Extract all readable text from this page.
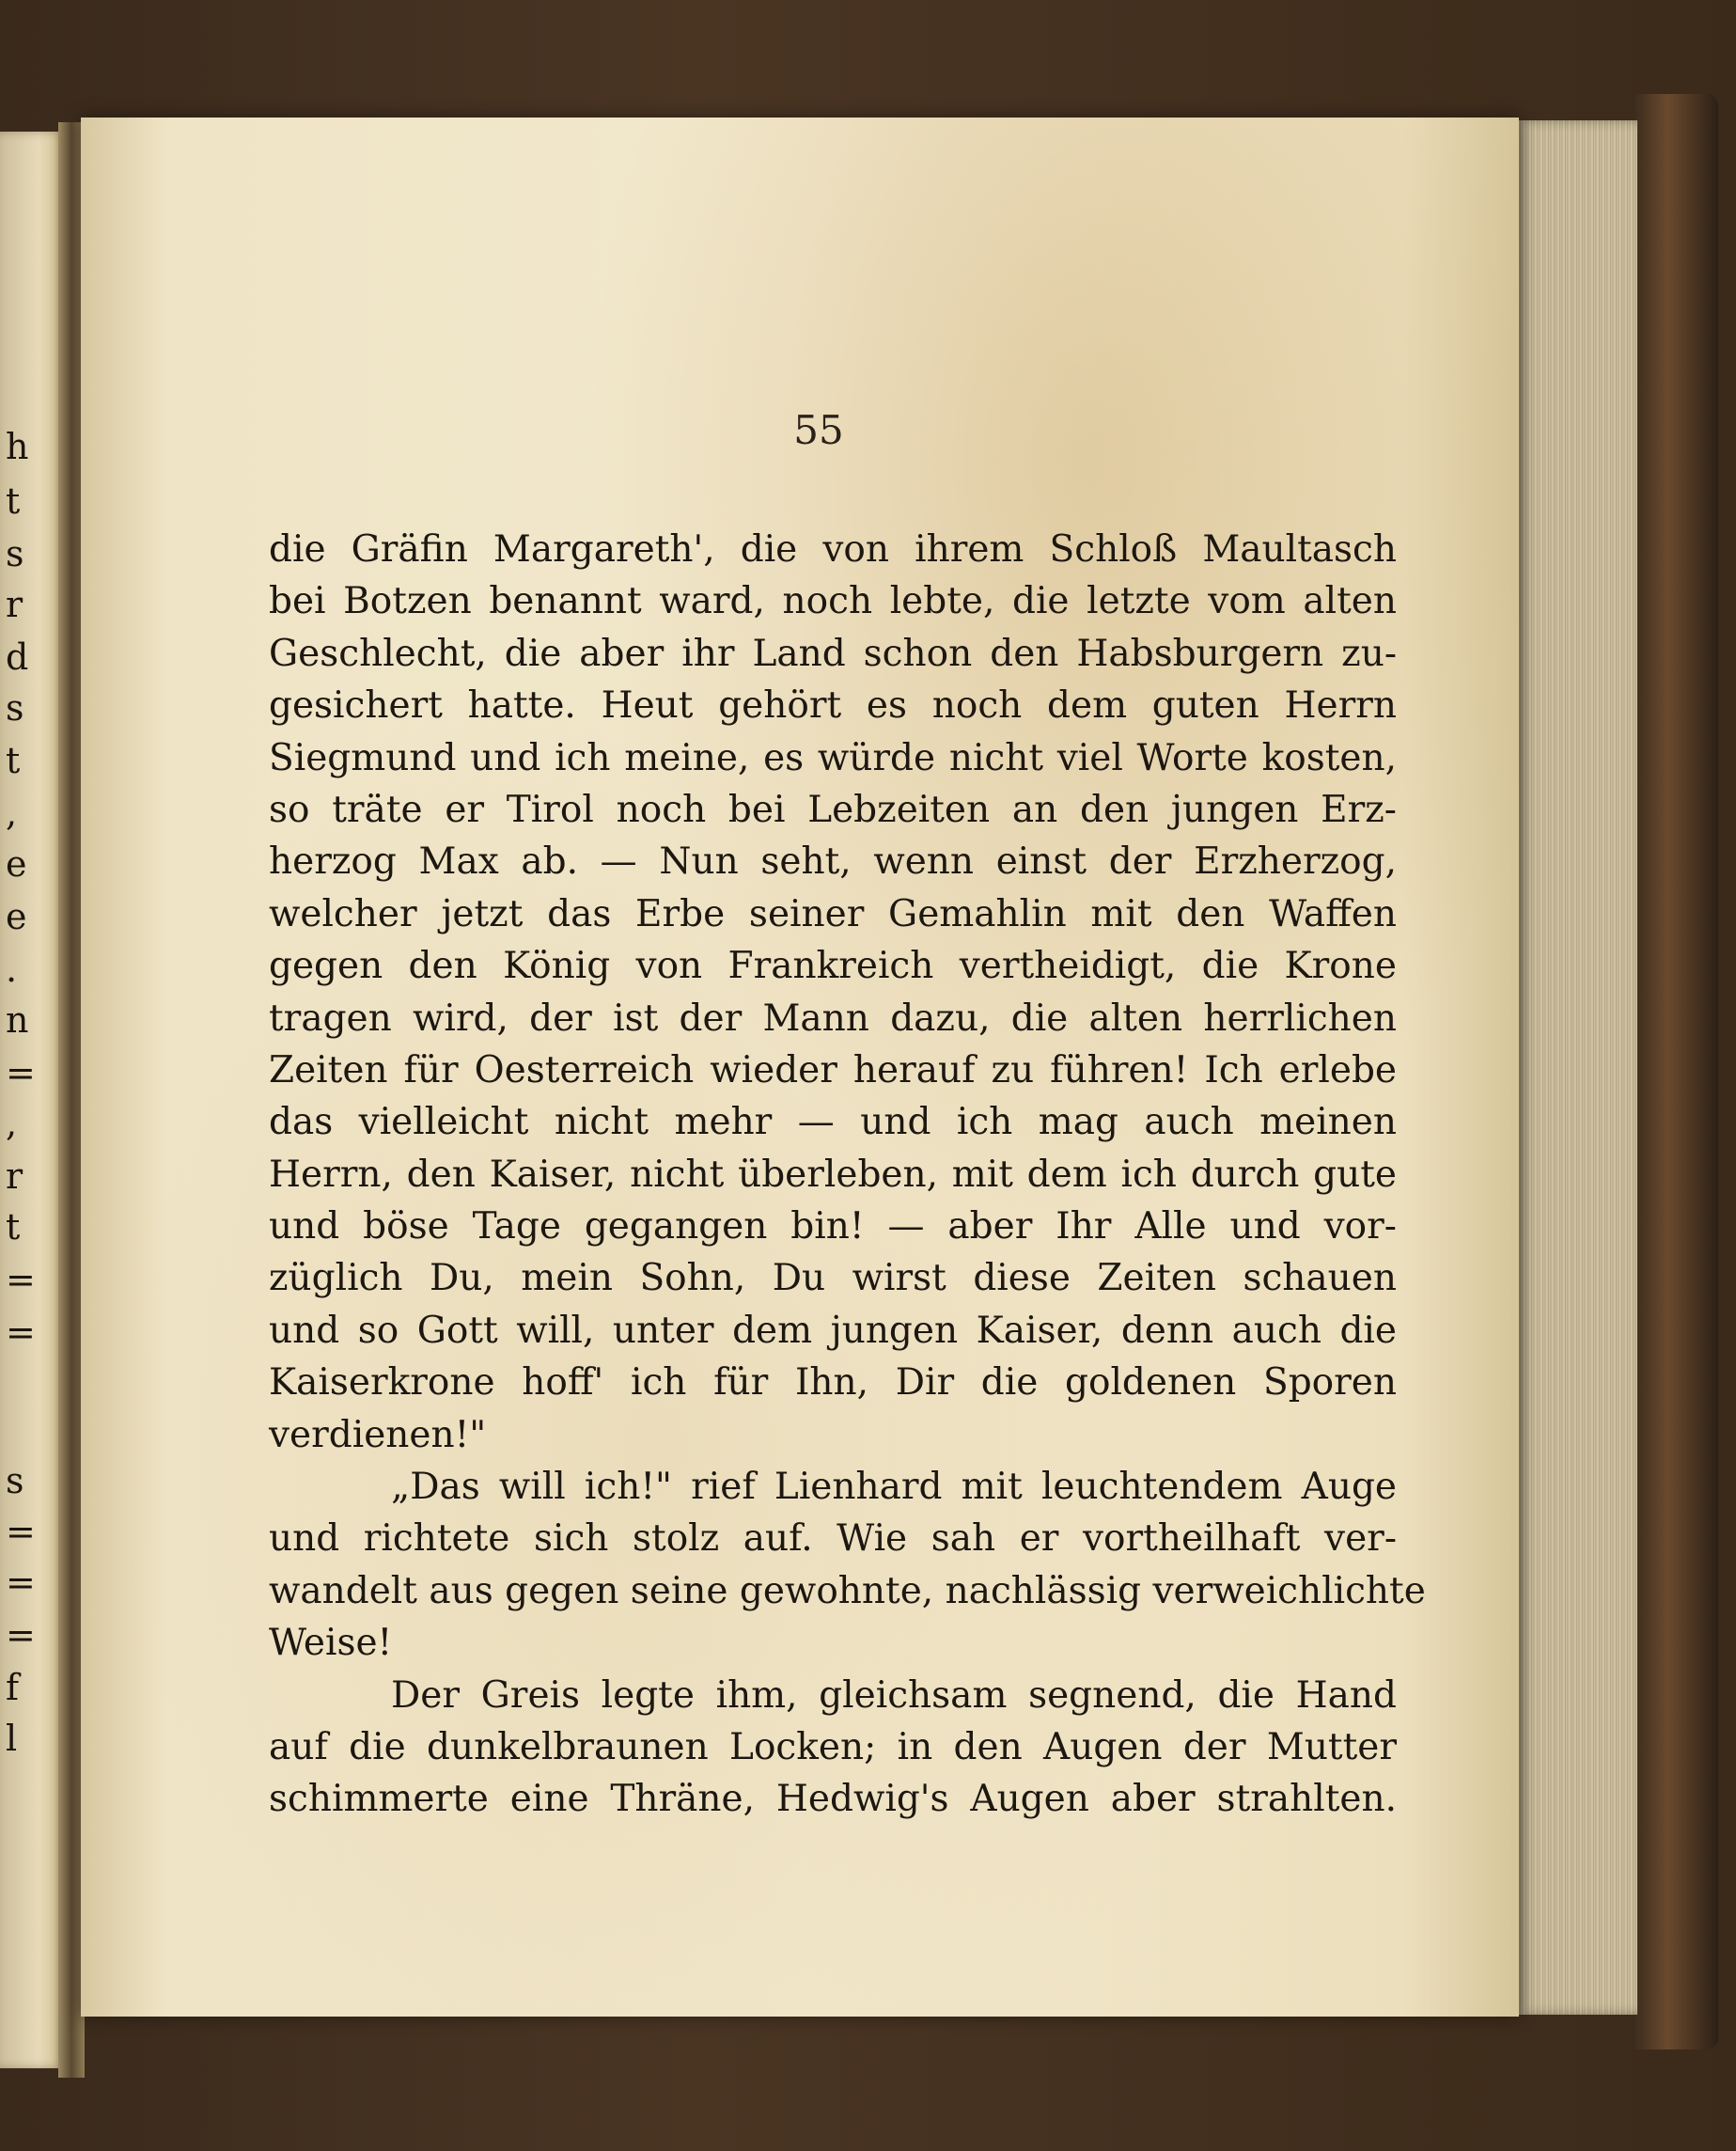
h
t
s
r
d
s
t
,
e
e
.
n
=
,
r
t
=
=
s
=
=
=
f
l
55
die Gräfin Margareth', die von ihrem Schloß Maultasch
bei Botzen benannt ward, noch lebte, die letzte vom alten
Geschlecht, die aber ihr Land schon den Habsburgern zu-
gesichert hatte. Heut gehört es noch dem guten Herrn
Siegmund und ich meine, es würde nicht viel Worte kosten,
so träte er Tirol noch bei Lebzeiten an den jungen Erz-
herzog Max ab. — Nun seht, wenn einst der Erzherzog,
welcher jetzt das Erbe seiner Gemahlin mit den Waffen
gegen den König von Frankreich vertheidigt, die Krone
tragen wird, der ist der Mann dazu, die alten herrlichen
Zeiten für Oesterreich wieder herauf zu führen! Ich erlebe
das vielleicht nicht mehr — und ich mag auch meinen
Herrn, den Kaiser, nicht überleben, mit dem ich durch gute
und böse Tage gegangen bin! — aber Ihr Alle und vor-
züglich Du, mein Sohn, Du wirst diese Zeiten schauen
und so Gott will, unter dem jungen Kaiser, denn auch die
Kaiserkrone hoff' ich für Ihn, Dir die goldenen Sporen
verdienen!"
„Das will ich!" rief Lienhard mit leuchtendem Auge
und richtete sich stolz auf. Wie sah er vortheilhaft ver-
wandelt aus gegen seine gewohnte, nachlässig verweichlichte
Weise!
Der Greis legte ihm, gleichsam segnend, die Hand
auf die dunkelbraunen Locken; in den Augen der Mutter
schimmerte eine Thräne, Hedwig's Augen aber strahlten.
